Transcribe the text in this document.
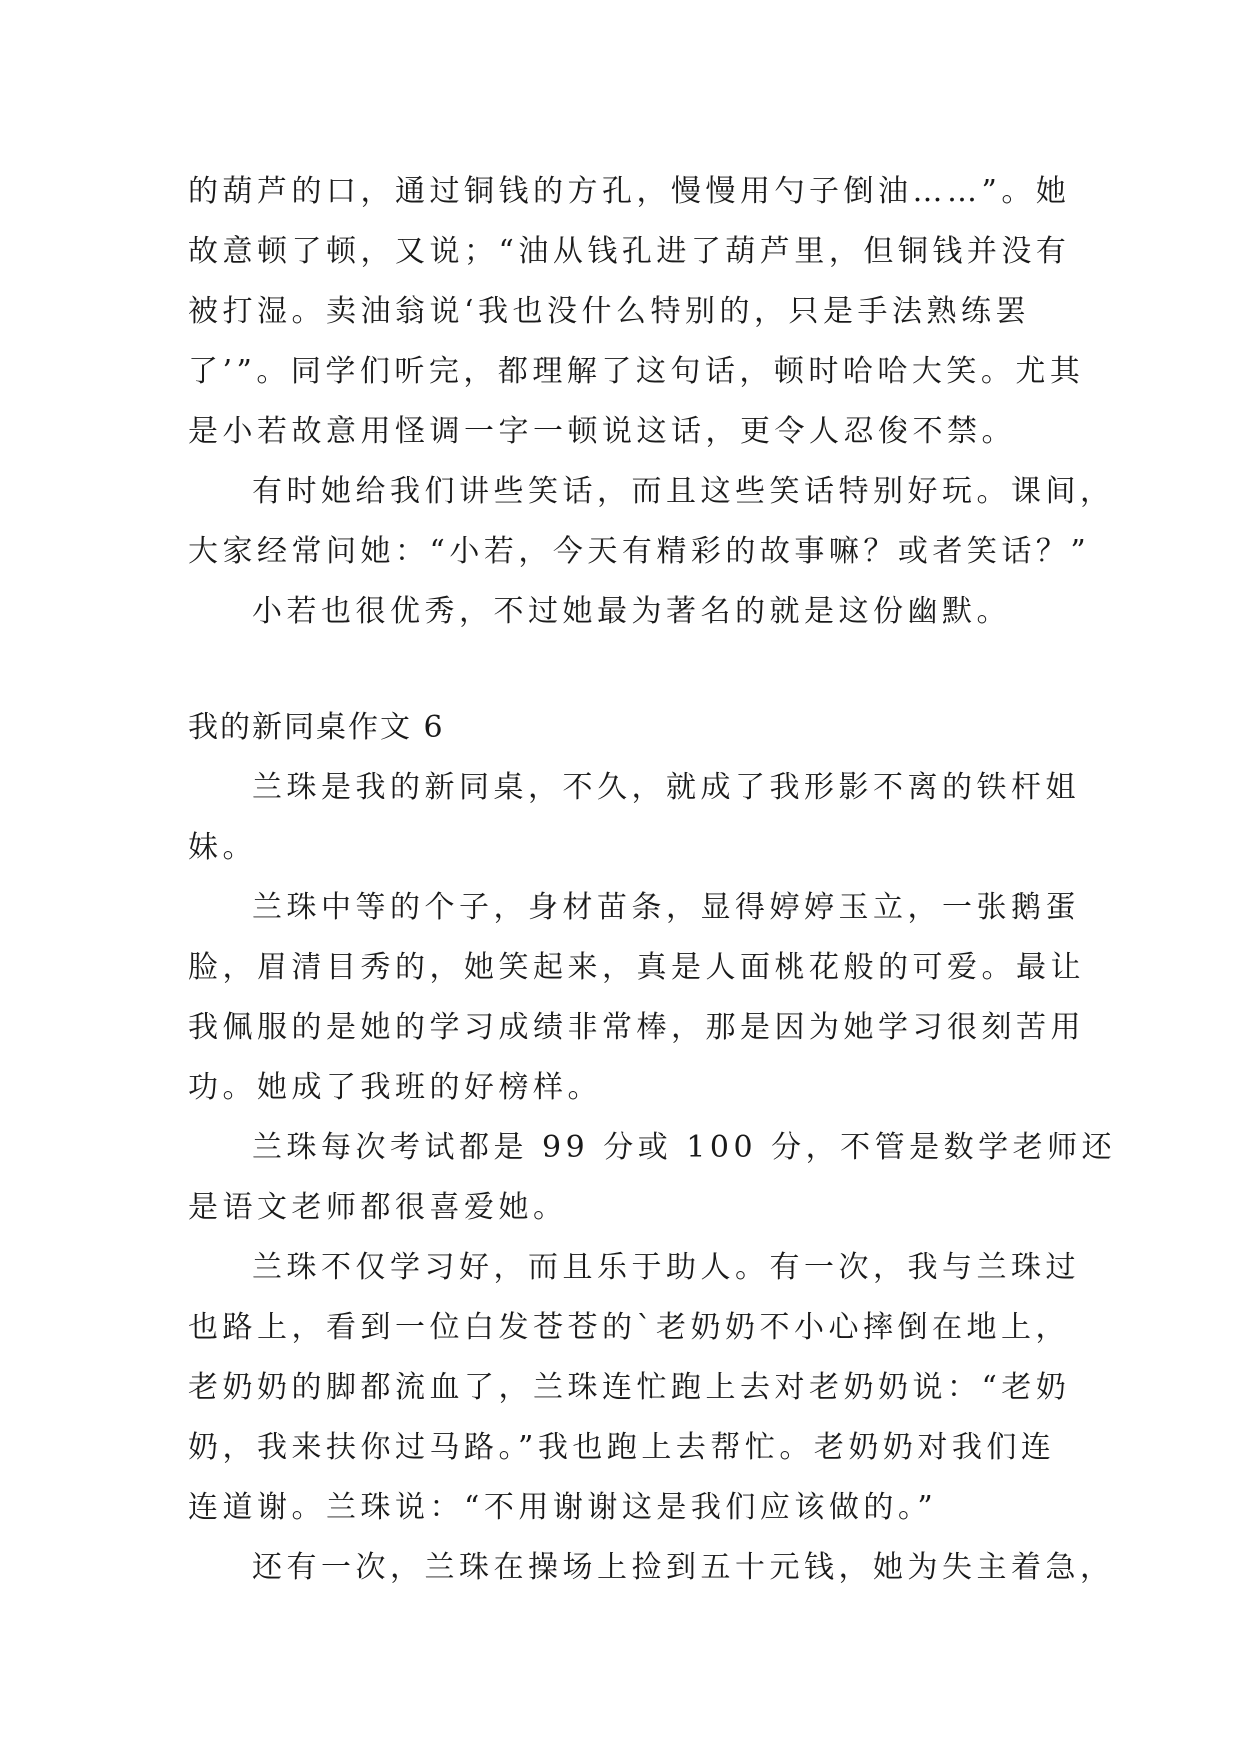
的葫芦的口，通过铜钱的方孔，慢慢用勺子倒油……”。她
故意顿了顿，又说；“油从钱孔进了葫芦里，但铜钱并没有
被打湿。卖油翁说‘我也没什么特别的，只是手法熟练罢
了’”。同学们听完，都理解了这句话，顿时哈哈大笑。尤其
是小若故意用怪调一字一顿说这话，更令人忍俊不禁。
有时她给我们讲些笑话，而且这些笑话特别好玩。课间，
大家经常问她：“小若，今天有精彩的故事嘛？或者笑话？”
小若也很优秀，不过她最为著名的就是这份幽默。
我的新同桌作文 6
兰珠是我的新同桌，不久，就成了我形影不离的铁杆姐
妹。
兰珠中等的个子，身材苗条，显得婷婷玉立，一张鹅蛋
脸，眉清目秀的，她笑起来，真是人面桃花般的可爱。最让
我佩服的是她的学习成绩非常棒，那是因为她学习很刻苦用
功。她成了我班的好榜样。
兰珠每次考试都是 99 分或 100 分，不管是数学老师还
是语文老师都很喜爱她。
兰珠不仅学习好，而且乐于助人。有一次，我与兰珠过
也路上，看到一位白发苍苍的`老奶奶不小心摔倒在地上，
老奶奶的脚都流血了，兰珠连忙跑上去对老奶奶说：“老奶
奶，我来扶你过马路。”我也跑上去帮忙。老奶奶对我们连
连道谢。兰珠说：“不用谢谢这是我们应该做的。”
还有一次，兰珠在操场上捡到五十元钱，她为失主着急，
